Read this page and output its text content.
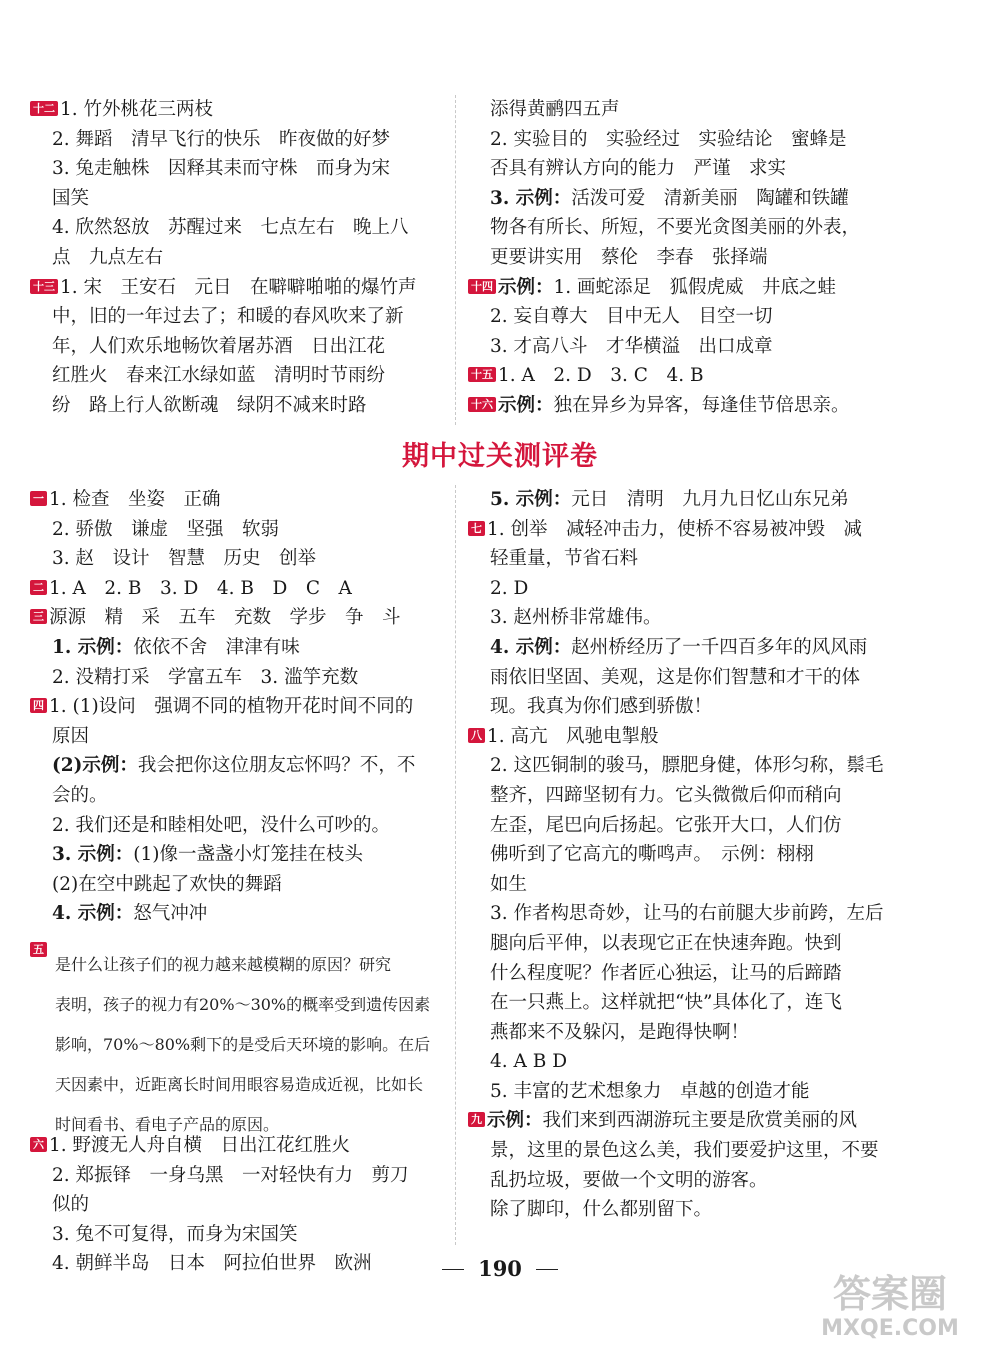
十二 1. 竹外桃花三两枝
2. 舞蹈　清早飞行的快乐　昨夜做的好梦
3. 兔走触株　因释其耒而守株　而身为宋
国笑
4. 欣然怒放　苏醒过来　七点左右　晚上八
点　九点左右
十三 1. 宋　王安石　元日　在噼噼啪啪的爆竹声
中，旧的一年过去了；和暖的春风吹来了新
年，人们欢乐地畅饮着屠苏酒　日出江花
红胜火　春来江水绿如蓝　清明时节雨纷
纷　路上行人欲断魂　绿阴不减来时路
添得黄鹂四五声
2. 实验目的　实验经过　实验结论　蜜蜂是
否具有辨认方向的能力　严谨　求实
3. 示例：活泼可爱　清新美丽　陶罐和铁罐
物各有所长、所短，不要光贪图美丽的外表，
更要讲实用　蔡伦　李春　张择端
十四 示例：1. 画蛇添足　狐假虎威　井底之蛙
2. 妄自尊大　目中无人　目空一切
3. 才高八斗　才华横溢　出口成章
十五 1. A　2. D　3. C　4. B
十六 示例：独在异乡为异客，每逢佳节倍思亲。
期中过关测评卷
一 1. 检查　坐姿　正确
2. 骄傲　谦虚　坚强　软弱
3. 赵　设计　智慧　历史　创举
二 1. A　2. B　3. D　4. B　D　C　A
三 源源　精　采　五车　充数　学步　争　斗
1. 示例：依依不舍　津津有味
2. 没精打采　学富五车　3. 滥竽充数
四 1. (1)设问　强调不同的植物开花时间不同的
原因
(2)示例：我会把你这位朋友忘怀吗？不，不
会的。
2. 我们还是和睦相处吧，没什么可吵的。
3. 示例：(1)像一盏盏小灯笼挂在枝头
(2)在空中跳起了欢快的舞蹈
4. 示例：怒气冲冲
5. 示例：元日　清明　九月九日忆山东兄弟
七 1. 创举　减轻冲击力，使桥不容易被冲毁　减
轻重量，节省石料
2. D
3. 赵州桥非常雄伟。
4. 示例：赵州桥经历了一千四百多年的风风雨
雨依旧坚固、美观，这是你们智慧和才干的体
现。我真为你们感到骄傲！
八 1. 高亢　风驰电掣般
2. 这匹铜制的骏马，膘肥身健，体形匀称，鬃毛
整齐，四蹄坚韧有力。它头微微后仰而稍向
左歪，尾巴向后扬起。它张开大口，人们仿
佛听到了它高亢的嘶鸣声。　示例：栩栩
如生
3. 作者构思奇妙，让马的右前腿大步前跨，左后
腿向后平伸，以表现它正在快速奔跑。快到
什么程度呢？作者匠心独运，让马的后蹄踏
在一只燕上。这样就把“快”具体化了，连飞
燕都来不及躲闪，是跑得快啊！
4. A B D
5. 丰富的艺术想象力　卓越的创造才能
九 示例：我们来到西湖游玩主要是欣赏美丽的风
景，这里的景色这么美，我们要爱护这里，不要
乱扔垃圾，要做一个文明的游客。
除了脚印，什么都别留下。
五
是什么让孩子们的视力越来越模糊的原因？研究
表明，孩子的视力有20%～30%的概率受到遗传因素
影响，70%～80%剩下的是受后天环境的影响。在后
天因素中，近距离长时间用眼容易造成近视，比如长
时间看书、看电子产品的原因。
六 1. 野渡无人舟自横　日出江花红胜火
2. 郑振铎　一身乌黑　一对轻快有力　剪刀
似的
3. 兔不可复得，而身为宋国笑
4. 朝鲜半岛　日本　阿拉伯世界　欧洲	190
答案圈
MXQE.COM
